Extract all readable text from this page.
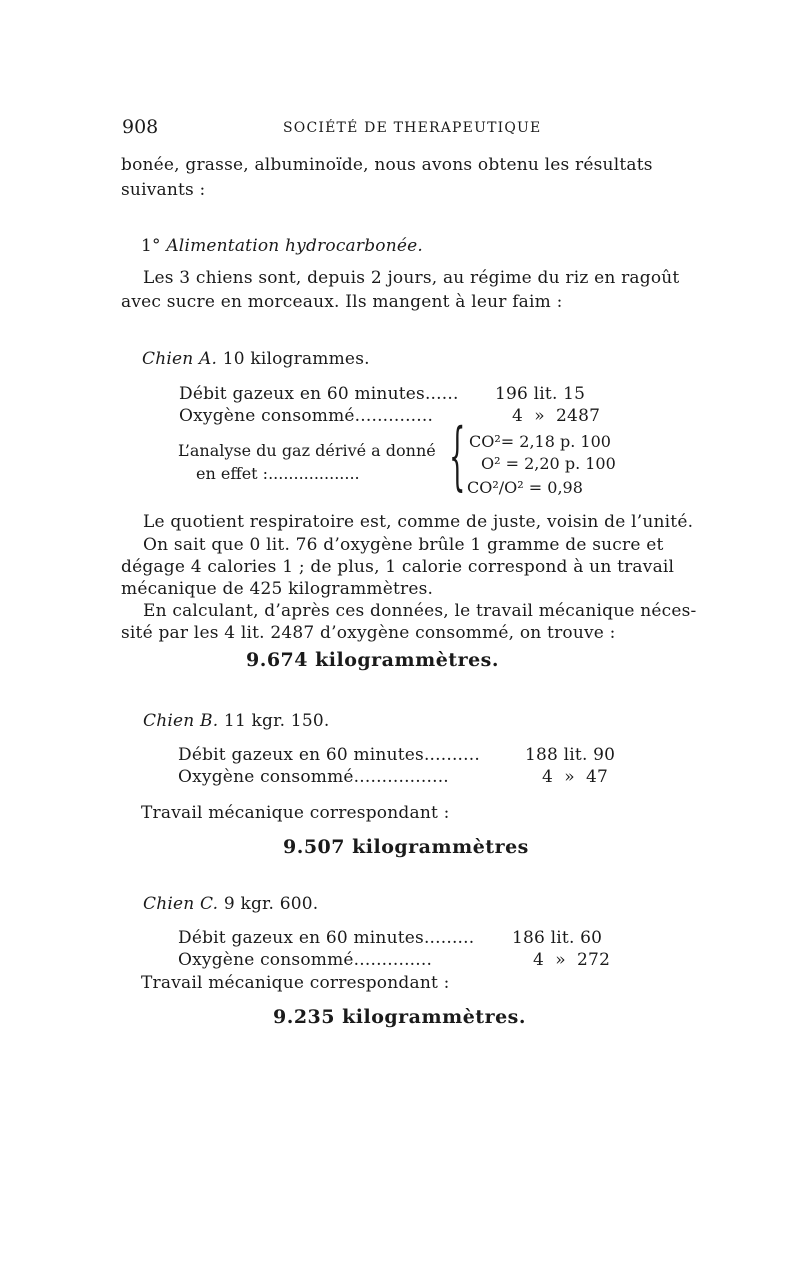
908	SOCIÉTÉ DE THERAPEUTIQUE
bonée, grasse, albuminoïde, nous avons obtenu les résultats
suivants :
1° Alimentation hydrocarbonée.
Les 3 chiens sont, depuis 2 jours, au régime du riz en ragoût
avec sucre en morceaux. Ils mangent à leur faim :
Chien A. 10 kilogrammes.
Débit gazeux en 60 minutes...... 196 lit. 15
Oxygène consommé..............	4  »  2487
L’analyse du gaz dérivé a donné
en effet :.................. { CO²= 2,18 p. 100
O² = 2,20 p. 100
CO²/O² = 0,98
Le quotient respiratoire est, comme de juste, voisin de l’unité.
On sait que 0 lit. 76 d’oxygène brûle 1 gramme de sucre et
dégage 4 calories 1 ; de plus, 1 calorie correspond à un travail
mécanique de 425 kilogrammètres.
En calculant, d’après ces données, le travail mécanique néces-
sité par les 4 lit. 2487 d’oxygène consommé, on trouve :
9.674 kilogrammètres.
Chien B. 11 kgr. 150.
Débit gazeux en 60 minutes..........	188 lit. 90
Oxygène consommé.................	4  »  47
Travail mécanique correspondant :
9.507 kilogrammètres
Chien C. 9 kgr. 600.
Débit gazeux en 60 minutes......... 186 lit. 60
Oxygène consommé..............	4  »  272
Travail mécanique correspondant :
9.235 kilogrammètres.
